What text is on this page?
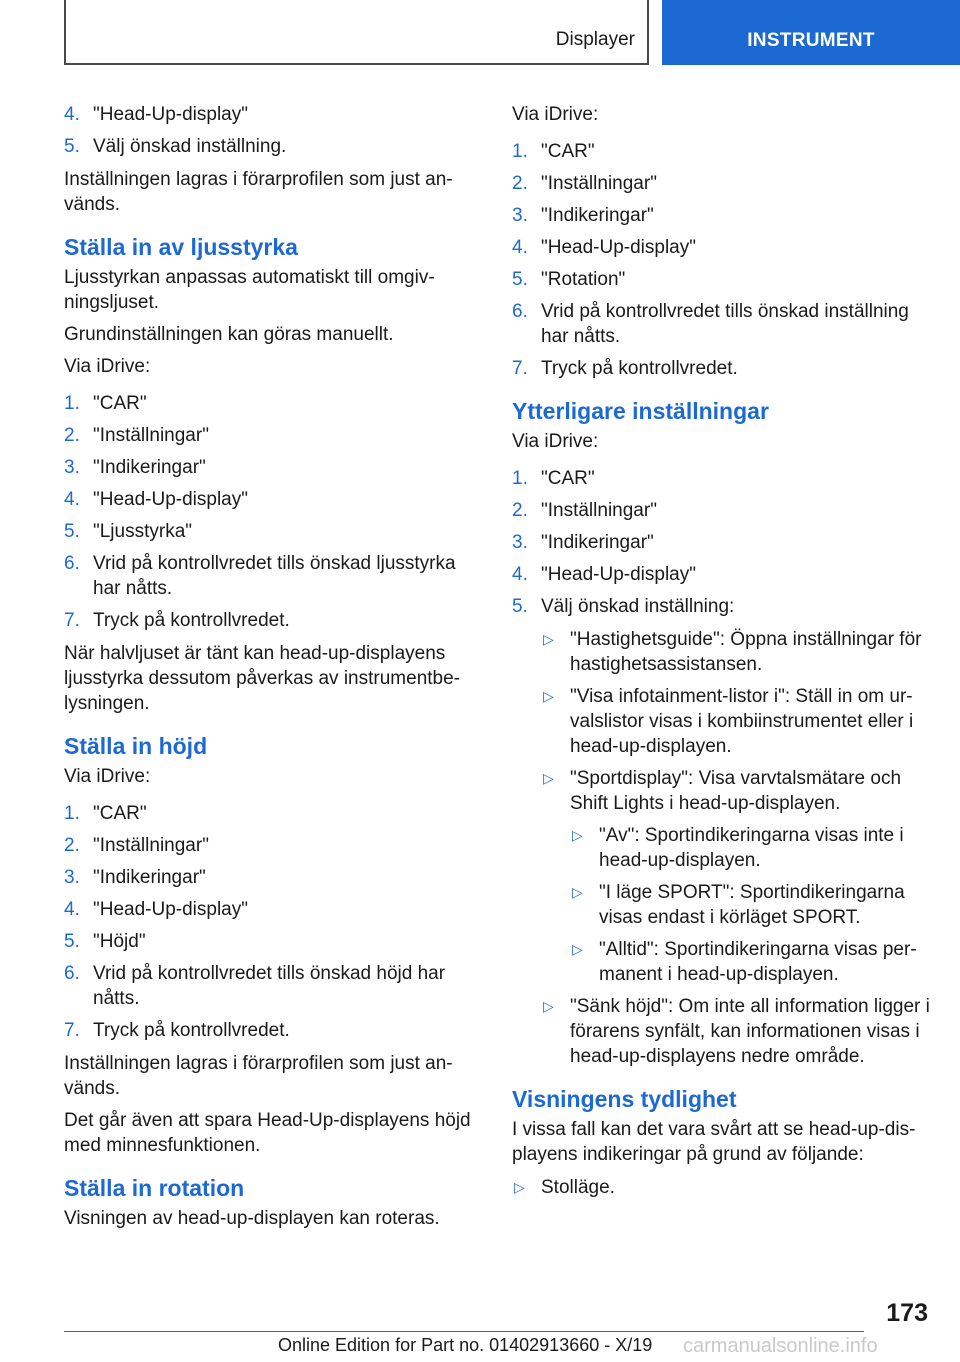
Displayer	INSTRUMENT
4. "Head-Up-display"
5. Välj önskad inställning.

Inställningen lagras i förarprofilen som just an-vänds.

Ställa in av ljusstyrka

Ljusstyrkan anpassas automatiskt till omgiv-ningsljuset.

Grundinställningen kan göras manuellt.

Via iDrive:

1. "CAR"
2. "Inställningar"
3. "Indikeringar"
4. "Head-Up-display"
5. "Ljusstyrka"
6. Vrid på kontrollvredet tills önskad ljusstyrka har nåtts.
7. Tryck på kontrollvredet.

När halvljuset är tänt kan head-up-displayens ljusstyrka dessutom påverkas av instrumentbe-lysningen.

Ställa in höjd

Via iDrive:

1. "CAR"
2. "Inställningar"
3. "Indikeringar"
4. "Head-Up-display"
5. "Höjd"
6. Vrid på kontrollvredet tills önskad höjd har nåtts.
7. Tryck på kontrollvredet.

Inställningen lagras i förarprofilen som just an-vänds.

Det går även att spara Head-Up-displayens höjd med minnesfunktionen.

Ställa in rotation

Visningen av head-up-displayen kan roteras.

Via iDrive:

1. "CAR"
2. "Inställningar"
3. "Indikeringar"
4. "Head-Up-display"
5. "Rotation"
6. Vrid på kontrollvredet tills önskad inställning har nåtts.
7. Tryck på kontrollvredet.
Ytterligare inställningar

Via iDrive:

1. "CAR"
2. "Inställningar"
3. "Indikeringar"
4. "Head-Up-display"
5. Välj önskad inställning:
▷ "Hastighetsguide": Öppna inställningar för hastighetsassistansen.
▷ "Visa infotainment-listor i": Ställ in om ur-valslistor visas i kombiinstrumentet eller i head-up-displayen.
▷ "Sportdisplay": Visa varvtalsmätare och Shift Lights i head-up-displayen.
▷ "Av": Sportindikeringarna visas inte i head-up-displayen.
▷ "I läge SPORT": Sportindikeringarna visas endast i körläget SPORT.
▷ "Alltid": Sportindikeringarna visas per-manent i head-up-displayen.
▷ "Sänk höjd": Om inte all information ligger i förarens synfält, kan informationen visas i head-up-displayens nedre område.
Visningens tydlighet

I vissa fall kan det vara svårt att se head-up-dis-playens indikeringar på grund av följande:

▷ Stolläge.
173
Online Edition for Part no. 01402913660 - X/19 carmanualsonline.info
